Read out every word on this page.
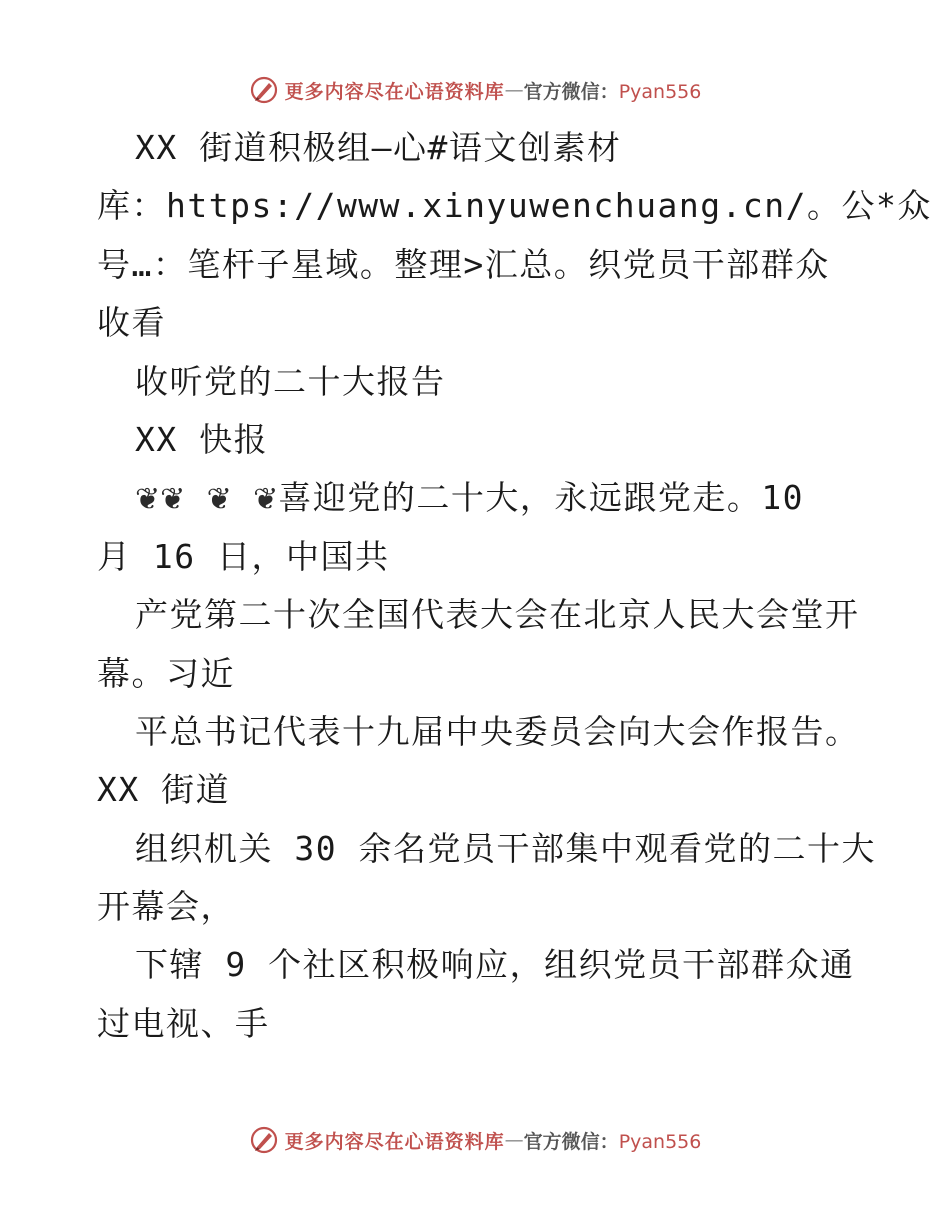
更多内容尽在心语资料库 — 官方微信：Pyan556
XX 街道积极组—心#语文创素材
库：https://www.xinyuwenchuang.cn/。公*众
号…：笔杆子星域。整理>汇总。织党员干部群众
收看
收听党的二十大报告
XX 快报
❦❦ ❦ ❦喜迎党的二十大，永远跟党走。10
月 16 日，中国共
产党第二十次全国代表大会在北京人民大会堂开
幕。习近
平总书记代表十九届中央委员会向大会作报告。
XX 街道
组织机关 30 余名党员干部集中观看党的二十大
开幕会，
下辖 9 个社区积极响应，组织党员干部群众通
过电视、手
更多内容尽在心语资料库 — 官方微信：Pyan556
